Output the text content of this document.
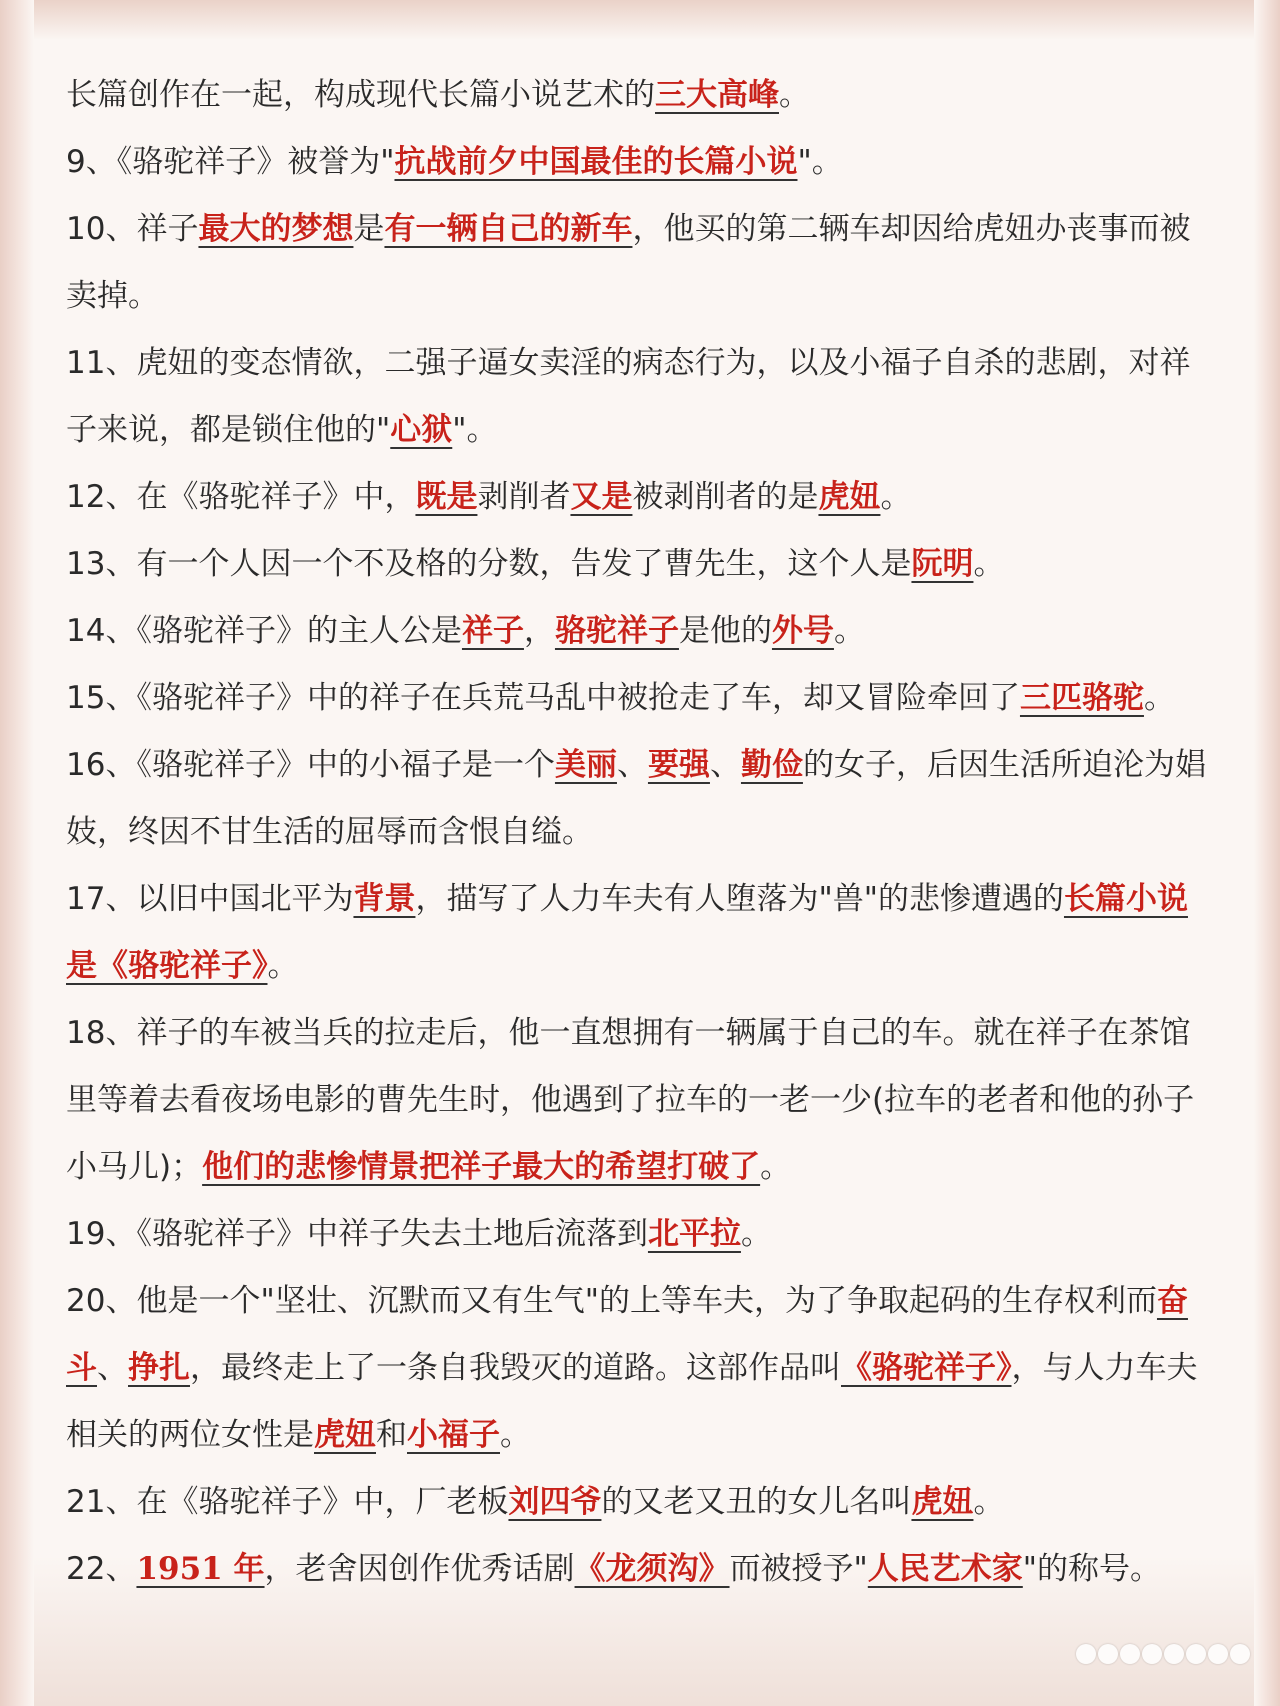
长篇创作在一起，构成现代长篇小说艺术的三大高峰。

9、《骆驼祥子》被誉为"抗战前夕中国最佳的长篇小说"。

10、祥子最大的梦想是有一辆自己的新车，他买的第二辆车却因给虎妞办丧事而被卖掉。

11、虎妞的变态情欲，二强子逼女卖淫的病态行为，以及小福子自杀的悲剧，对祥子来说，都是锁住他的"心狱"。

12、在《骆驼祥子》中，既是剥削者又是被剥削者的是虎妞。

13、有一个人因一个不及格的分数，告发了曹先生，这个人是阮明。

14、《骆驼祥子》的主人公是祥子，骆驼祥子是他的外号。

15、《骆驼祥子》中的祥子在兵荒马乱中被抢走了车，却又冒险牵回了三匹骆驼。

16、《骆驼祥子》中的小福子是一个美丽、要强、勤俭的女子，后因生活所迫沦为娼妓，终因不甘生活的屈辱而含恨自缢。

17、以旧中国北平为背景，描写了人力车夫有人堕落为"兽"的悲惨遭遇的长篇小说是《骆驼祥子》。

18、祥子的车被当兵的拉走后，他一直想拥有一辆属于自己的车。就在祥子在茶馆里等着去看夜场电影的曹先生时，他遇到了拉车的一老一少(拉车的老者和他的孙子小马儿)；他们的悲惨情景把祥子最大的希望打破了。

19、《骆驼祥子》中祥子失去土地后流落到北平拉。

20、他是一个"坚壮、沉默而又有生气"的上等车夫，为了争取起码的生存权利而奋斗、挣扎，最终走上了一条自我毁灭的道路。这部作品叫《骆驼祥子》，与人力车夫相关的两位女性是虎妞和小福子。

21、在《骆驼祥子》中，厂老板刘四爷的又老又丑的女儿名叫虎妞。

22、1951 年，老舍因创作优秀话剧《龙须沟》而被授予"人民艺术家"的称号。
